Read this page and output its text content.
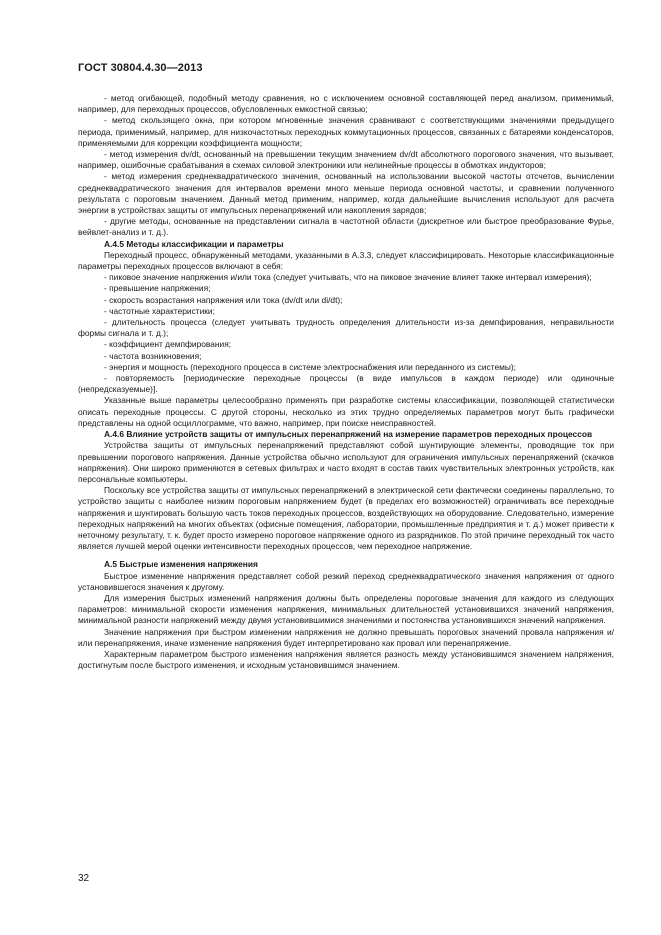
ГОСТ 30804.4.30—2013

- метод огибающей, подобный методу сравнения, но с исключением основной составляющей перед анализом, применимый, например, для переходных процессов, обусловленных емкостной связью;

- метод скользящего окна, при котором мгновенные значения сравнивают с соответствующими значениями предыдущего периода, применимый, например, для низкочастотных переходных коммутационных процессов, связанных с батареями конденсаторов, применяемыми для коррекции коэффициента мощности;

- метод измерения dv/dt, основанный на превышении текущим значением dv/dt абсолютного порогового значения, что вызывает, например, ошибочные срабатывания в схемах силовой электроники или нелинейные процессы в обмотках индукторов;

- метод измерения среднеквадратического значения, основанный на использовании высокой частоты отсчетов, вычислении среднеквадратического значения для интервалов времени много меньше периода основной частоты, и сравнении полученного результата с пороговым значением. Данный метод применим, например, когда дальнейшие вычисления используют для расчета энергии в устройствах защиты от импульсных перенапряжений или накопления зарядов;

- другие методы, основанные на представлении сигнала в частотной области (дискретное или быстрое преобразование Фурье, вейвлет-анализ и т. д.).

А.4.5 Методы классификации и параметры

Переходный процесс, обнаруженный методами, указанными в А.3.3, следует классифицировать. Некоторые классификационные параметры переходных процессов включают в себя:

- пиковое значение напряжения и/или тока (следует учитывать, что на пиковое значение влияет также интервал измерения);

- превышение напряжения;

- скорость возрастания напряжения или тока (dv/dt или di/dt);

- частотные характеристики;

- длительность процесса (следует учитывать трудность определения длительности из-за демпфирования, неправильности формы сигнала и т. д.);

- коэффициент демпфирования;

- частота возникновения;

- энергия и мощность (переходного процесса в системе электроснабжения или переданного из системы);

- повторяемость [периодические переходные процессы (в виде импульсов в каждом периоде) или одиночные (непредсказуемые)].

Указанные выше параметры целесообразно применять при разработке системы классификации, позволяющей статистически описать переходные процессы. С другой стороны, несколько из этих трудно определяемых параметров могут быть графически представлены на одной осциллограмме, что важно, например, при поиске неисправностей.

А.4.6 Влияние устройств защиты от импульсных перенапряжений на измерение параметров переходных процессов

Устройства защиты от импульсных перенапряжений представляют собой шунтирующие элементы, проводящие ток при превышении порогового напряжения. Данные устройства обычно используют для ограничения импульсных перенапряжений (скачков напряжения). Они широко применяются в сетевых фильтрах и часто входят в состав таких чувствительных электронных устройств, как персональные компьютеры.

Поскольку все устройства защиты от импульсных перенапряжений в электрической сети фактически соединены параллельно, то устройство защиты с наиболее низким пороговым напряжением будет (в пределах его возможностей) ограничивать все переходные напряжения и шунтировать большую часть токов переходных процессов, воздействующих на оборудование. Следовательно, измерение переходных напряжений на многих объектах (офисные помещения, лаборатории, промышленные предприятия и т. д.) может привести к неточному результату, т. к. будет просто измерено пороговое напряжение одного из разрядников. По этой причине переходный ток часто является лучшей мерой оценки интенсивности переходных процессов, чем переходное напряжение.

А.5 Быстрые изменения напряжения

Быстрое изменение напряжения представляет собой резкий переход среднеквадратического значения напряжения от одного установившегося значения к другому.

Для измерения быстрых изменений напряжения должны быть определены пороговые значения для каждого из следующих параметров: минимальной скорости изменения напряжения, минимальных длительностей установившихся значений напряжения, минимальной разности напряжений между двумя установившимися значениями и постоянства установившихся значений напряжения.

Значение напряжения при быстром изменении напряжения не должно превышать пороговых значений провала напряжения и/или перенапряжения, иначе изменение напряжения будет интерпретировано как провал или перенапряжение.

Характерным параметром быстрого изменения напряжения является разность между установившимся значением напряжения, достигнутым после быстрого изменения, и исходным установившимся значением.

32
